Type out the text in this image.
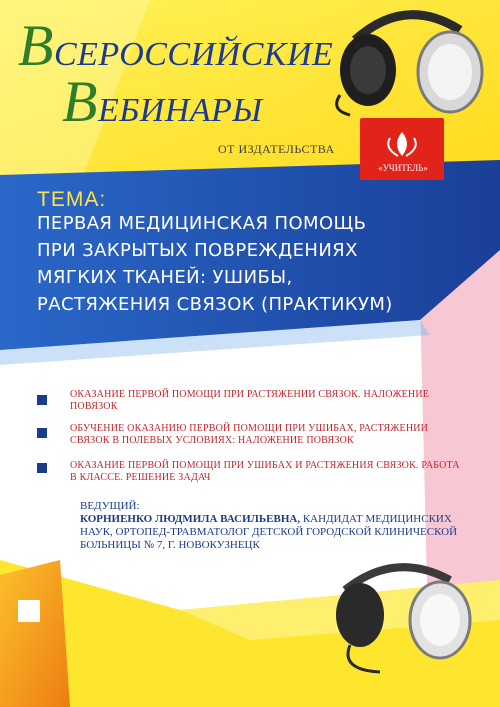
ВСЕРОССИЙСКИЕ
ВЕБИНАРЫ
ОТ ИЗДАТЕЛЬСТВА
«УЧИТЕЛЬ»
ТЕМА:
ПЕРВАЯ МЕДИЦИНСКАЯ ПОМОЩЬ
ПРИ ЗАКРЫТЫХ ПОВРЕЖДЕНИЯХ
МЯГКИХ ТКАНЕЙ: УШИБЫ,
РАСТЯЖЕНИЯ СВЯЗОК (ПРАКТИКУМ)
ОКАЗАНИЕ ПЕРВОЙ ПОМОЩИ ПРИ РАСТЯЖЕНИИ СВЯЗОК. НАЛОЖЕНИЕ ПОВЯЗОК
ОБУЧЕНИЕ ОКАЗАНИЮ ПЕРВОЙ ПОМОЩИ ПРИ УШИБАХ, РАСТЯЖЕНИИ СВЯЗОК В ПОЛЕВЫХ УСЛОВИЯХ: НАЛОЖЕНИЕ ПОВЯЗОК
ОКАЗАНИЕ ПЕРВОЙ ПОМОЩИ ПРИ УШИБАХ И РАСТЯЖЕНИЯ СВЯЗОК. РАБОТА В КЛАССЕ. РЕШЕНИЕ ЗАДАЧ
ВЕДУЩИЙ:
КОРНИЕНКО ЛЮДМИЛА ВАСИЛЬЕВНА, КАНДИДАТ МЕДИЦИНСКИХ НАУК, ОРТОПЕД-ТРАВМАТОЛОГ ДЕТСКОЙ ГОРОДСКОЙ КЛИНИЧЕСКОЙ БОЛЬНИЦЫ № 7, Г. НОВОКУЗНЕЦК
